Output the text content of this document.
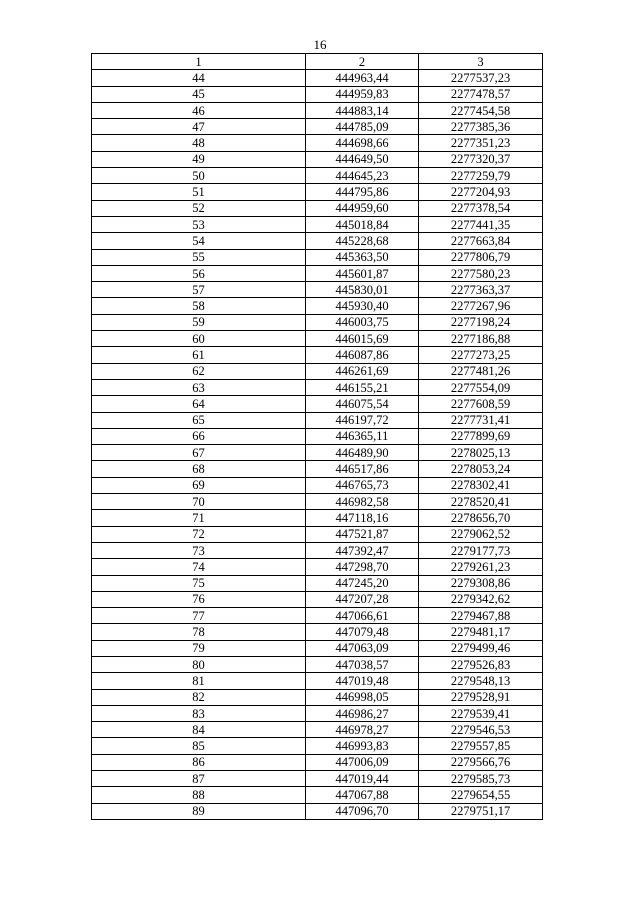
16
1	2	3
44	444963,44	2277537,23
45	444959,83	2277478,57
46	444883,14	2277454,58
47	444785,09	2277385,36
48	444698,66	2277351,23
49	444649,50	2277320,37
50	444645,23	2277259,79
51	444795,86	2277204,93
52	444959,60	2277378,54
53	445018,84	2277441,35
54	445228,68	2277663,84
55	445363,50	2277806,79
56	445601,87	2277580,23
57	445830,01	2277363,37
58	445930,40	2277267,96
59	446003,75	2277198,24
60	446015,69	2277186,88
61	446087,86	2277273,25
62	446261,69	2277481,26
63	446155,21	2277554,09
64	446075,54	2277608,59
65	446197,72	2277731,41
66	446365,11	2277899,69
67	446489,90	2278025,13
68	446517,86	2278053,24
69	446765,73	2278302,41
70	446982,58	2278520,41
71	447118,16	2278656,70
72	447521,87	2279062,52
73	447392,47	2279177,73
74	447298,70	2279261,23
75	447245,20	2279308,86
76	447207,28	2279342,62
77	447066,61	2279467,88
78	447079,48	2279481,17
79	447063,09	2279499,46
80	447038,57	2279526,83
81	447019,48	2279548,13
82	446998,05	2279528,91
83	446986,27	2279539,41
84	446978,27	2279546,53
85	446993,83	2279557,85
86	447006,09	2279566,76
87	447019,44	2279585,73
88	447067,88	2279654,55
89	447096,70	2279751,17
